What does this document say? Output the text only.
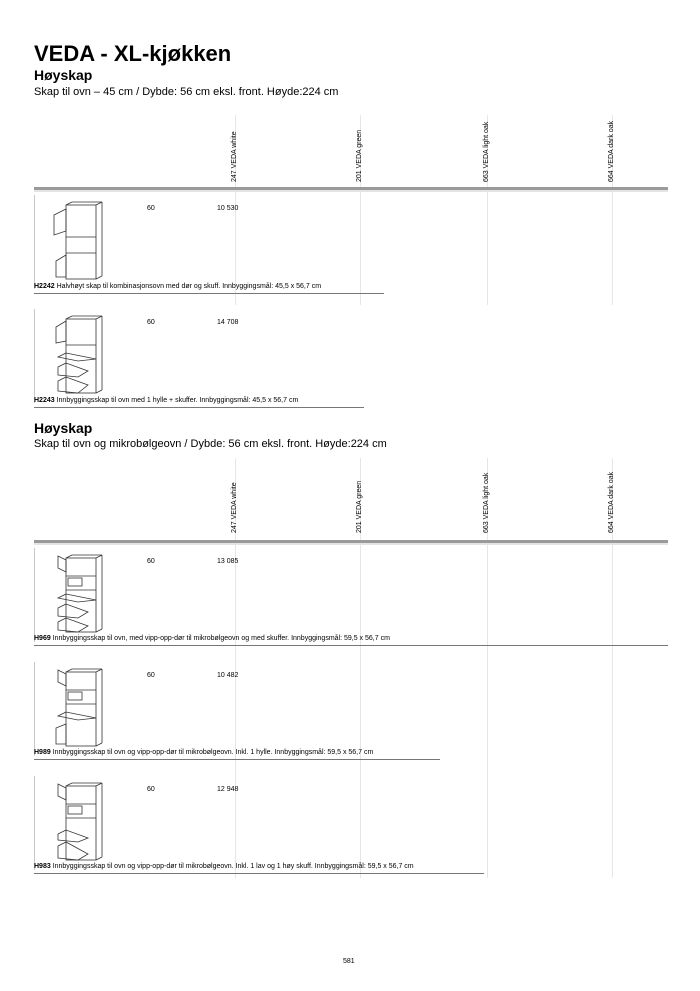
VEDA - XL-kjøkken
Høyskap
Skap til ovn – 45 cm / Dybde: 56 cm eksl. front. Høyde:224 cm
247 VEDA white	201 VEDA green	663 VEDA light oak	664 VEDA dark oak
60	10 530
H2242 Halvhøyt skap til kombinasjonsovn med dør og skuff. Innbyggingsmål: 45,5 x 56,7 cm
60	14 708
H2243 Innbyggingsskap til ovn med 1 hylle + skuffer. Innbyggingsmål: 45,5 x 56,7 cm
Høyskap
Skap til ovn og mikrobølgeovn / Dybde: 56 cm eksl. front. Høyde:224 cm
247 VEDA white	201 VEDA green	663 VEDA light oak	664 VEDA dark oak
60	13 085
H969 Innbyggingsskap til ovn, med vipp-opp-dør til mikrobølgeovn og med skuffer. Innbyggingsmål: 59,5 x 56,7 cm
60	10 482
H989 Innbyggingsskap til ovn og vipp-opp-dør til mikrobølgeovn. Inkl. 1 hylle. Innbyggingsmål: 59,5 x 56,7 cm
60	12 948
H983 Innbyggingsskap til ovn og vipp-opp-dør til mikrobølgeovn. Inkl. 1 lav og 1 høy skuff. Innbyggingsmål: 59,5 x 56,7 cm
581
